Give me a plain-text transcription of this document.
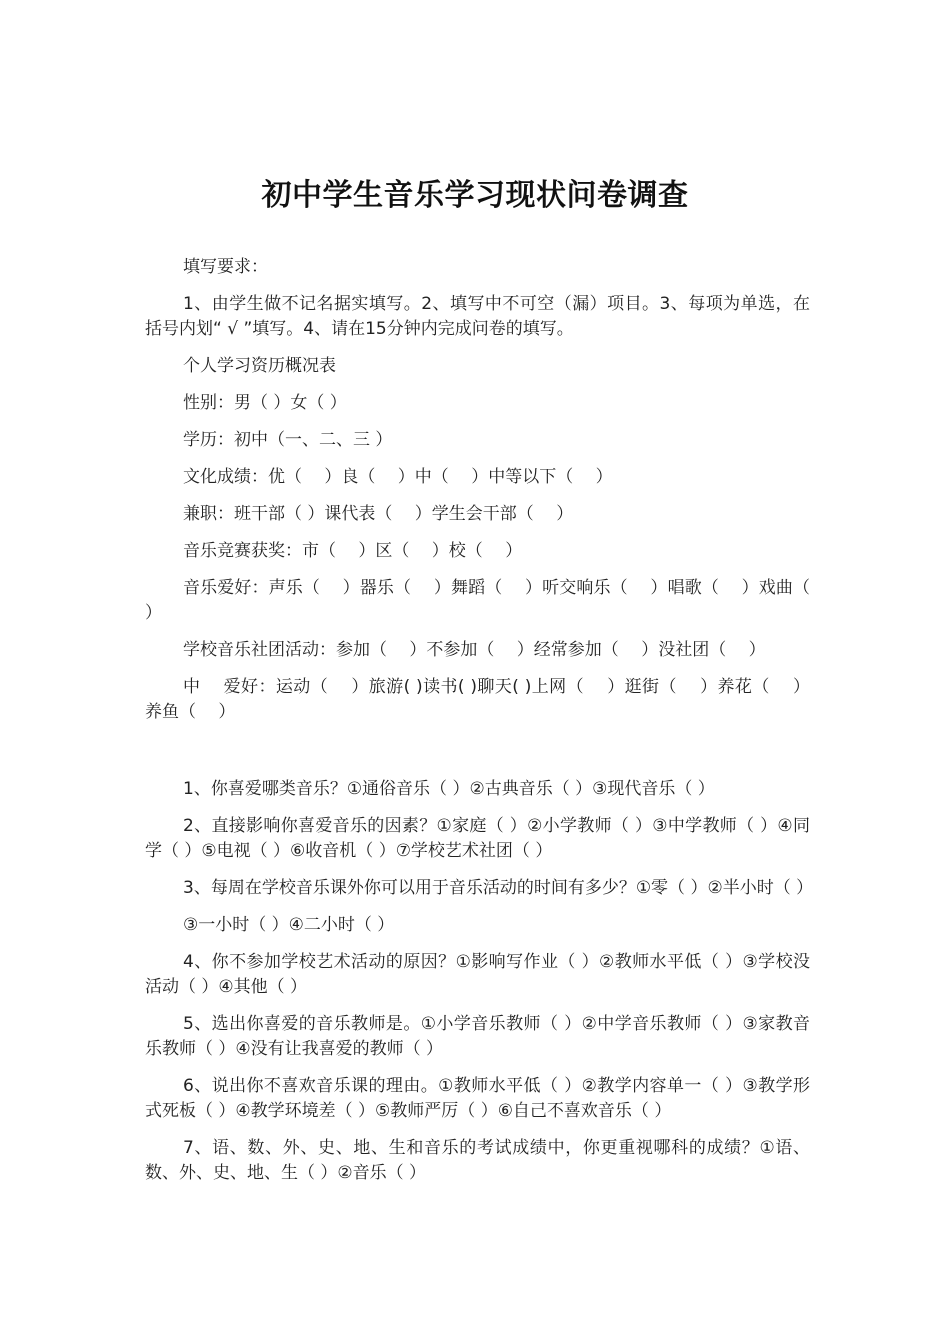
初中学生音乐学习现状问卷调查

填写要求：

1、由学生做不记名据实填写。2、填写中不可空（漏）项目。3、每项为单选，在括号内划“ √ ”填写。4、请在15分钟内完成问卷的填写。

个人学习资历概况表

性别：男（ ）女（ ）

学历：初中（一、二、三 ）

文化成绩：优（　 ）良（　 ）中（　 ）中等以下（　 ）

兼职：班干部（ ）课代表（　 ）学生会干部（　 ）

音乐竞赛获奖：市（　 ）区（　 ）校（　 ）

音乐爱好：声乐（　 ）器乐（　 ）舞蹈（　 ）听交响乐（　 ）唱歌（　 ）戏曲（ ）

学校音乐社团活动：参加（　 ）不参加（　 ）经常参加（　 ）没社团（　 ）

中　 爱好：运动（　 ）旅游( )读书( )聊天( )上网（　 ）逛街（　 ）养花（　 ）养鱼（　 ）

1、你喜爱哪类音乐？①通俗音乐（ ）②古典音乐（ ）③现代音乐（ ）

2、直接影响你喜爱音乐的因素？①家庭（ ）②小学教师（ ）③中学教师（ ）④同学（ ）⑤电视（ ）⑥收音机（ ）⑦学校艺术社团（ ）

3、每周在学校音乐课外你可以用于音乐活动的时间有多少？①零（ ）②半小时（ ）

③一小时（ ）④二小时（ ）

4、你不参加学校艺术活动的原因？①影响写作业（ ）②教师水平低（ ）③学校没活动（ ）④其他（ ）

5、选出你喜爱的音乐教师是。①小学音乐教师（ ）②中学音乐教师（ ）③家教音乐教师（ ）④没有让我喜爱的教师（ ）

6、说出你不喜欢音乐课的理由。①教师水平低（ ）②教学内容单一（ ）③教学形式死板（ ）④教学环境差（ ）⑤教师严厉（ ）⑥自己不喜欢音乐（ ）

7、语、数、外、史、地、生和音乐的考试成绩中，你更重视哪科的成绩？①语、数、外、史、地、生（ ）②音乐（ ）
